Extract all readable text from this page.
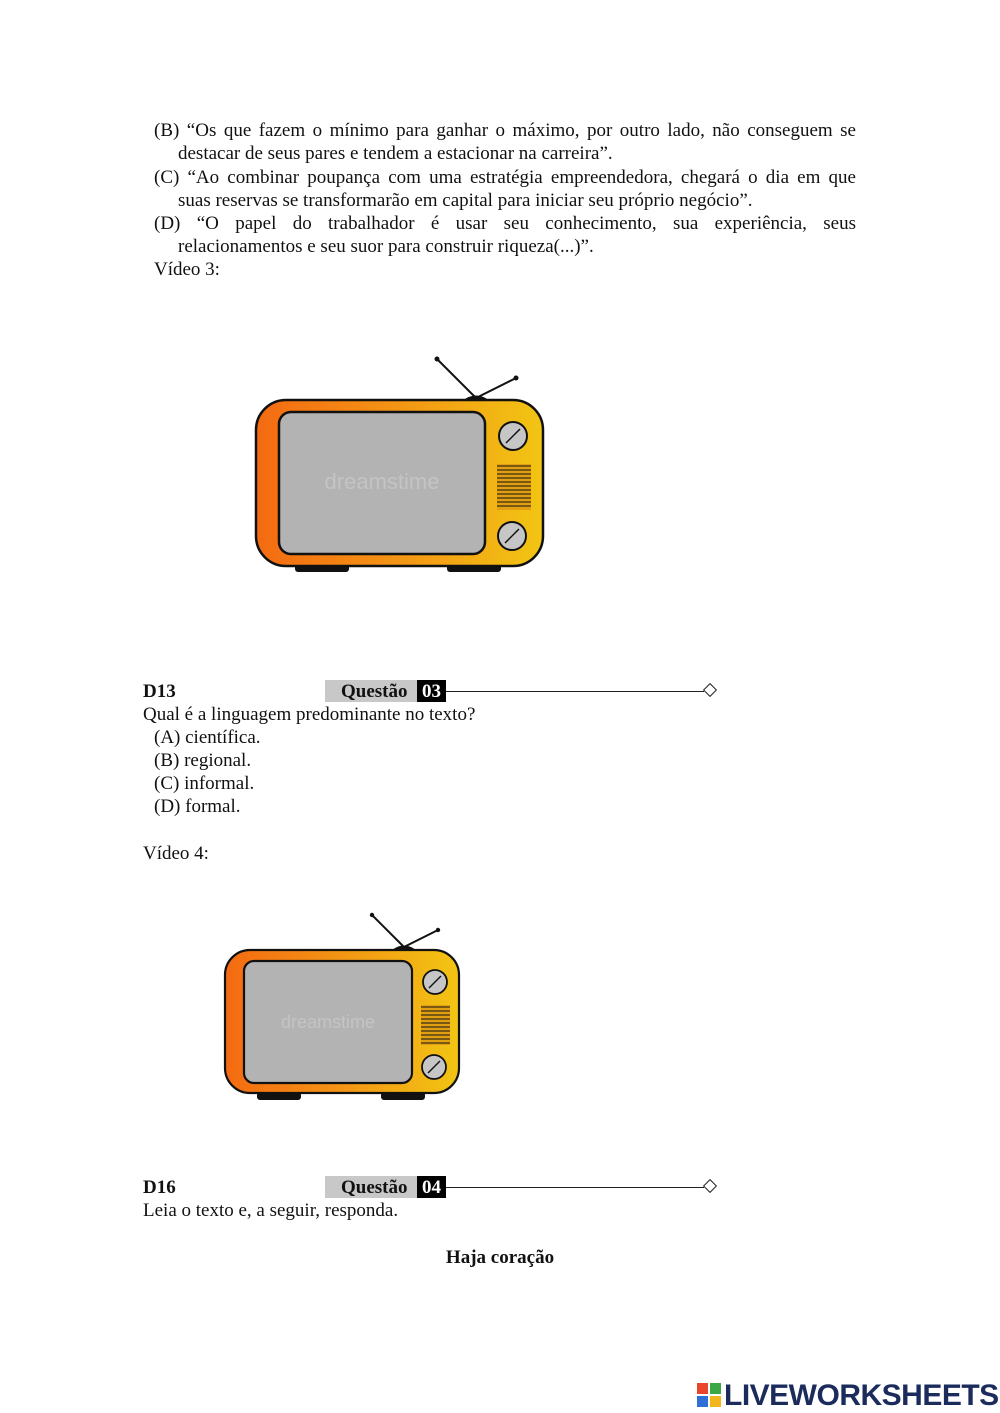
(B) “Os que fazem o mínimo para ganhar o máximo, por outro lado, não conseguem se
destacar de seus pares e tendem a estacionar na carreira”.
(C) “Ao combinar poupança com uma estratégia empreendedora, chegará o dia em que
suas reservas se transformarão em capital para iniciar seu próprio negócio”.
(D) “O papel do trabalhador é usar seu conhecimento, sua experiência, seus
relacionamentos e seu suor para construir riqueza(...)”.
Vídeo 3:
dreamstime
D13	Questão 03
Qual é a linguagem predominante no texto?
(A) científica.
(B) regional.
(C) informal.
(D) formal.
Vídeo 4:
dreamstime
D16	Questão 04
Leia o texto e, a seguir, responda.
Haja coração
LIVEWORKSHEETS
